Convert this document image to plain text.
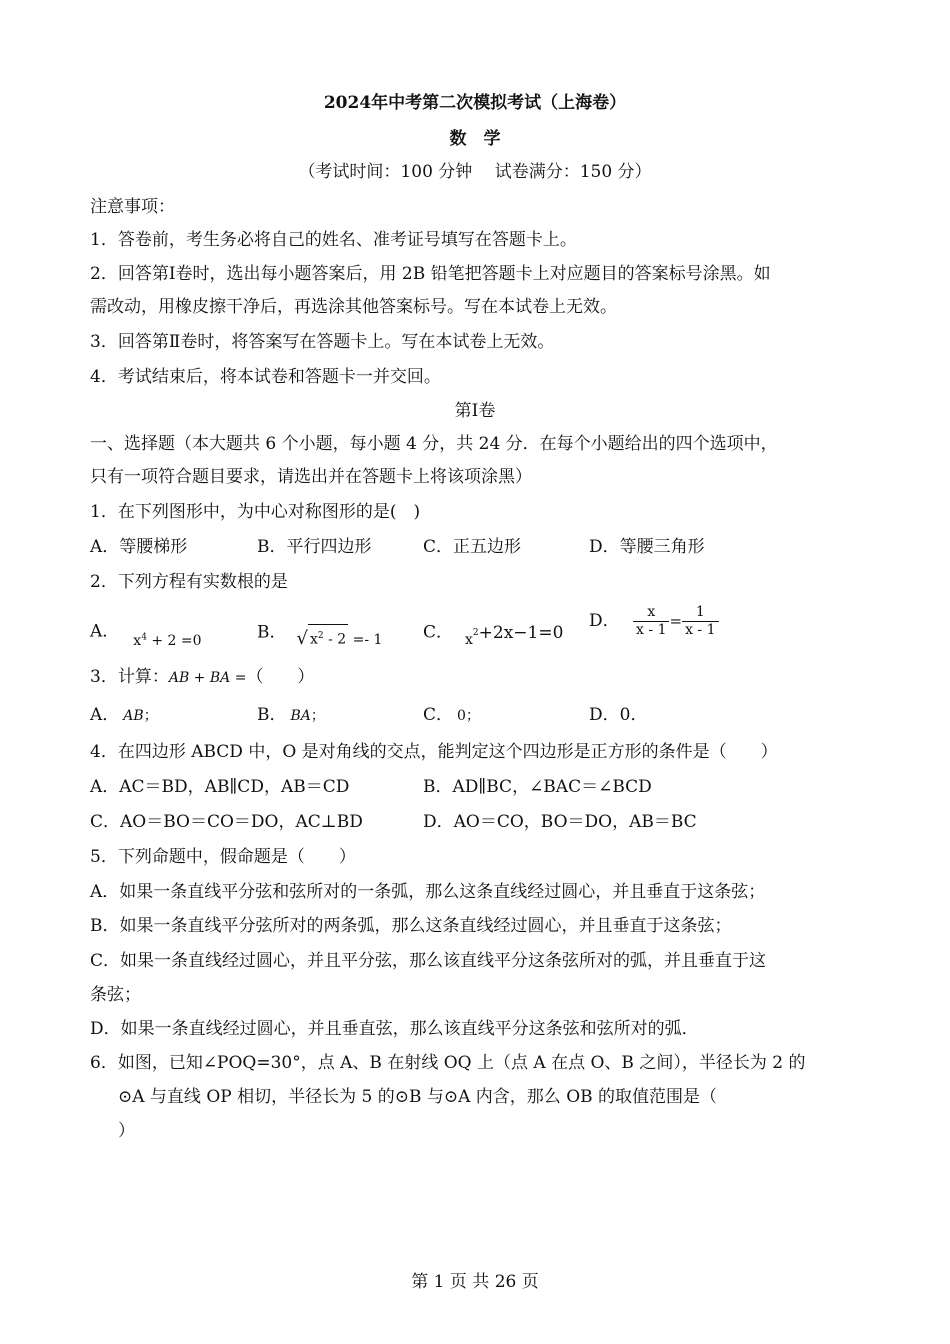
2024年中考第二次模拟考试（上海卷）
数　学
（考试时间：100 分钟　 试卷满分：150 分）
注意事项：
1．答卷前，考生务必将自己的姓名、准考证号填写在答题卡上。
2．回答第Ⅰ卷时，选出每小题答案后，用 2B 铅笔把答题卡上对应题目的答案标号涂黑。如
需改动，用橡皮擦干净后，再选涂其他答案标号。写在本试卷上无效。
3．回答第Ⅱ卷时，将答案写在答题卡上。写在本试卷上无效。
4．考试结束后，将本试卷和答题卡一并交回。
第Ⅰ卷
一、选择题（本大题共 6 个小题，每小题 4 分，共 24 分．在每个小题给出的四个选项中，
只有一项符合题目要求，请选出并在答题卡上将该项涂黑）
1．在下列图形中，为中心对称图形的是(　)
A．等腰梯形	B．平行四边形	C．正五边形	D．等腰三角形
2．下列方程有实数根的是
A． $_{x^4 + 2 =0}$	B． $_{√ x^2 - 2 =- 1}$ C． $_x^2$+2x−1=0
D． $\frac{x}{x - 1} = \frac{1}{x - 1}$
3．计算：AB + BA =（　　）
A． AB；	B． BA；	C． 0；	D．0．
4．在四边形 ABCD 中，O 是对角线的交点，能判定这个四边形是正方形的条件是（　　）
A．AC＝BD，AB∥CD，AB＝CD	B．AD∥BC，∠BAC＝∠BCD
C．AO＝BO＝CO＝DO，AC⊥BD	D．AO＝CO，BO＝DO，AB＝BC
5．下列命题中，假命题是（　　）
A．如果一条直线平分弦和弦所对的一条弧，那么这条直线经过圆心，并且垂直于这条弦；
B．如果一条直线平分弦所对的两条弧，那么这条直线经过圆心，并且垂直于这条弦；
C．如果一条直线经过圆心，并且平分弦，那么该直线平分这条弦所对的弧，并且垂直于这
条弦；
D．如果一条直线经过圆心，并且垂直弦，那么该直线平分这条弦和弦所对的弧．
6．如图，已知∠POQ=30°，点 A、B 在射线 OQ 上（点 A 在点 O、B 之间），半径长为 2 的
⊙A 与直线 OP 相切，半径长为 5 的⊙B 与⊙A 内含，那么 OB 的取值范围是（
）
第 1 页 共 26 页
